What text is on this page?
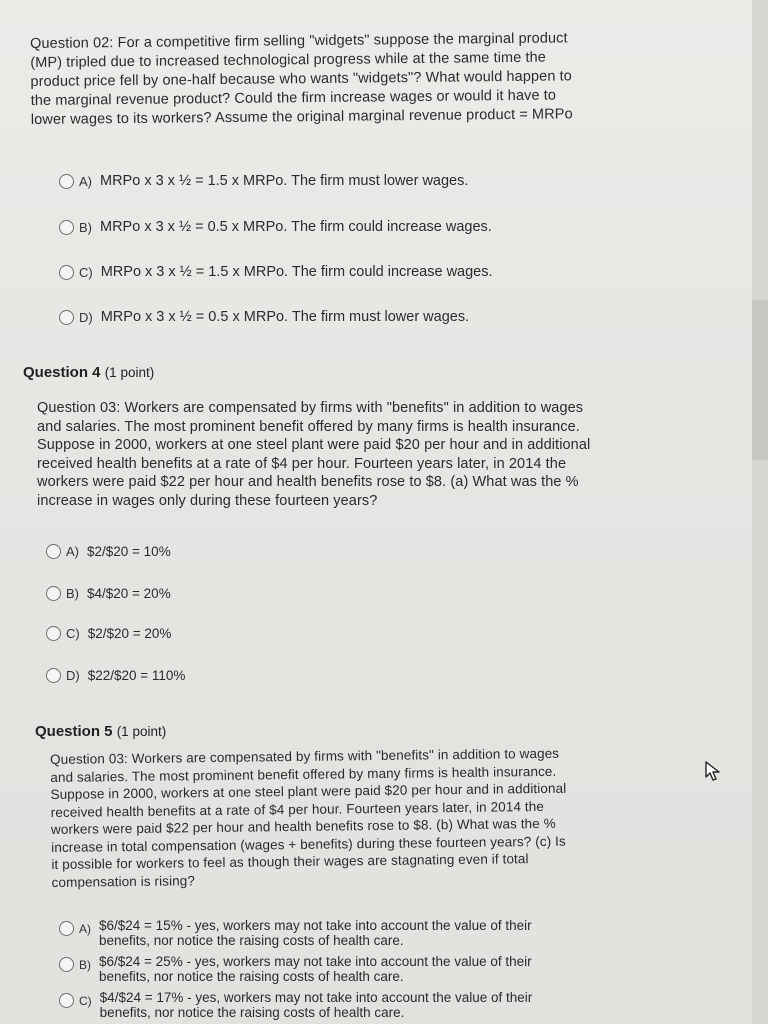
Question 02: For a competitive firm selling "widgets" suppose the marginal product
(MP) tripled due to increased technological progress while at the same time the
product price fell by one-half because who wants "widgets"? What would happen to
the marginal revenue product? Could the firm increase wages or would it have to
lower wages to its workers? Assume the original marginal revenue product = MRPo
A) MRPo x 3 x ½ = 1.5 x MRPo. The firm must lower wages.
B) MRPo x 3 x ½ = 0.5 x MRPo. The firm could increase wages.
C) MRPo x 3 x ½ = 1.5 x MRPo. The firm could increase wages.
D) MRPo x 3 x ½ = 0.5 x MRPo. The firm must lower wages.
Question 4 (1 point)
Question 03: Workers are compensated by firms with "benefits" in addition to wages
and salaries. The most prominent benefit offered by many firms is health insurance.
Suppose in 2000, workers at one steel plant were paid $20 per hour and in additional
received health benefits at a rate of $4 per hour. Fourteen years later, in 2014 the
workers were paid $22 per hour and health benefits rose to $8. (a) What was the %
increase in wages only during these fourteen years?
A) $2/$20 = 10%
B) $4/$20 = 20%
C) $2/$20 = 20%
D) $22/$20 = 110%
Question 5 (1 point)
Question 03: Workers are compensated by firms with "benefits" in addition to wages
and salaries. The most prominent benefit offered by many firms is health insurance.
Suppose in 2000, workers at one steel plant were paid $20 per hour and in additional
received health benefits at a rate of $4 per hour. Fourteen years later, in 2014 the
workers were paid $22 per hour and health benefits rose to $8. (b) What was the %
increase in total compensation (wages + benefits) during these fourteen years? (c) Is
it possible for workers to feel as though their wages are stagnating even if total
compensation is rising?
A) $6/$24 = 15% - yes, workers may not take into account the value of their
benefits, nor notice the raising costs of health care.
B) $6/$24 = 25% - yes, workers may not take into account the value of their
benefits, nor notice the raising costs of health care.
C) $4/$24 = 17% - yes, workers may not take into account the value of their
benefits, nor notice the raising costs of health care.
